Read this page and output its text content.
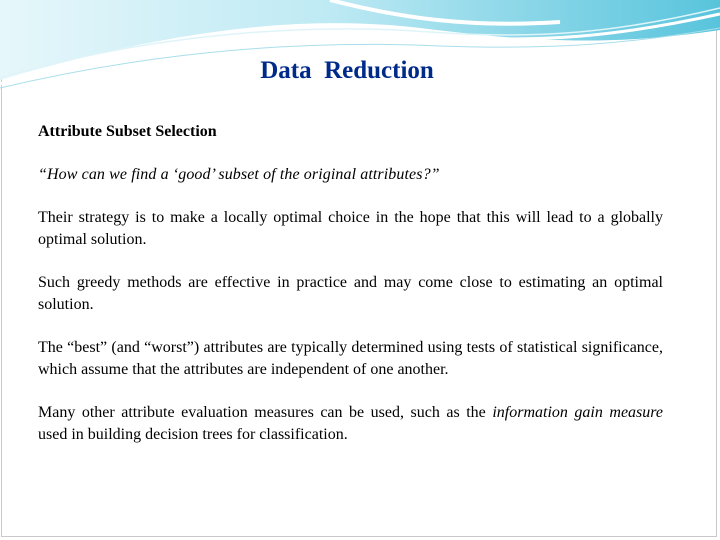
Data  Reduction

Attribute Subset Selection

“How can we find a ‘good’ subset of the original attributes?”

Their strategy is to make a locally optimal choice in the hope that this will lead to a globally optimal solution.

Such greedy methods are effective in practice and may come close to estimating an optimal solution.

The “best” (and “worst”) attributes are typically determined using tests of statistical significance, which assume that the attributes are independent of one another.

Many other attribute evaluation measures can be used, such as the information gain measure used in building decision trees for classification.
